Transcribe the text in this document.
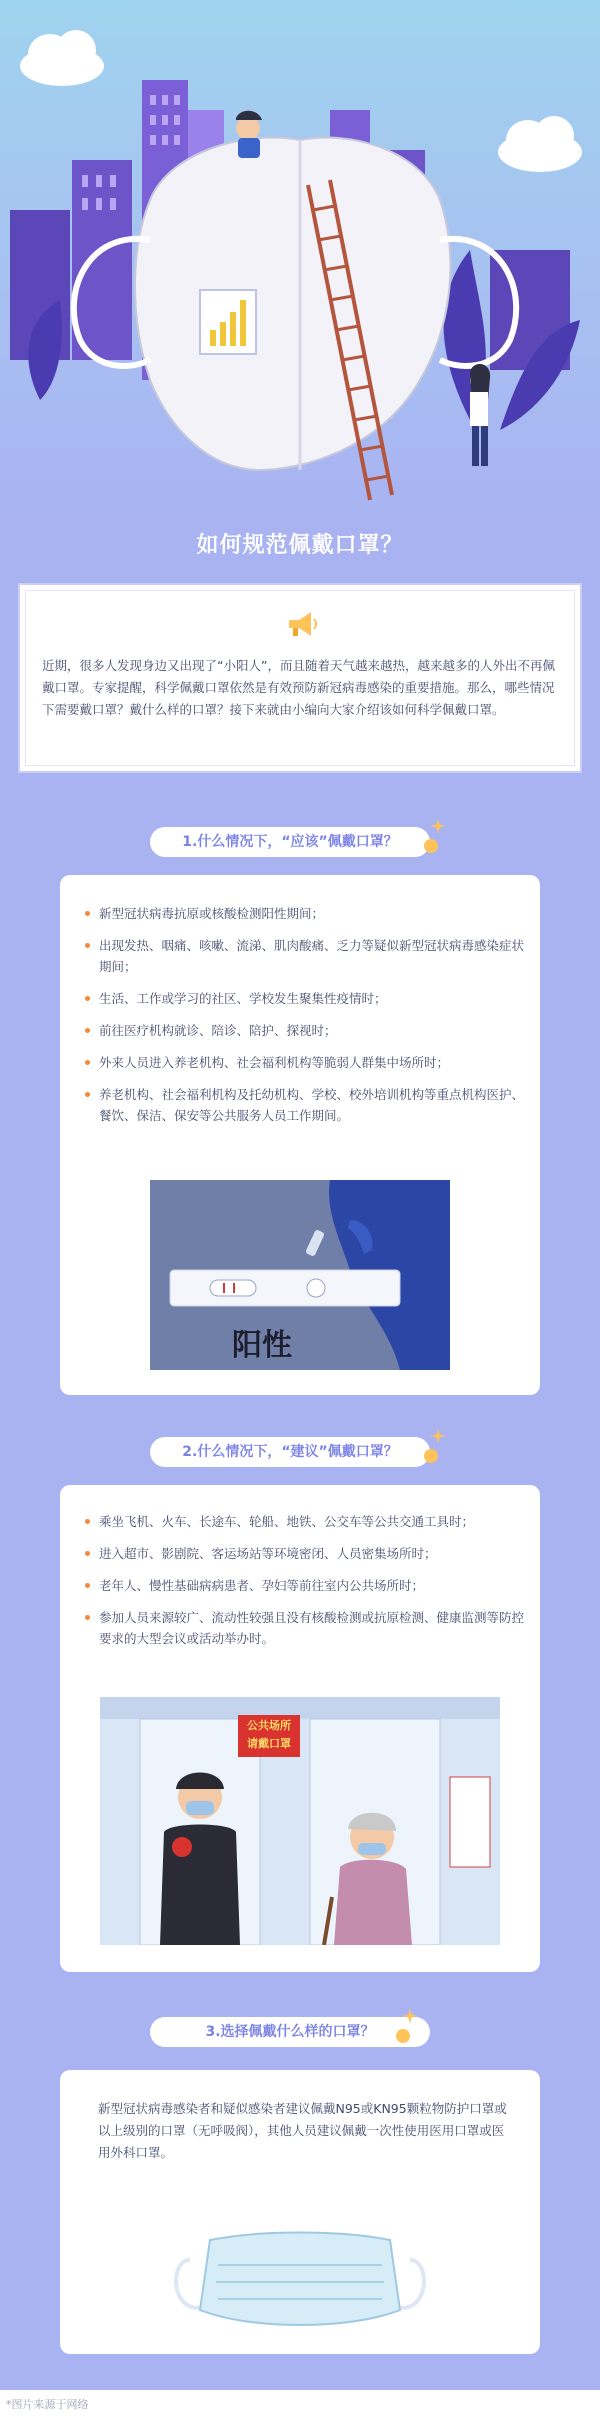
如何规范佩戴口罩？

近期，很多人发现身边又出现了“小阳人”，而且随着天气越来越热，越来越多的人外出不再佩戴口罩。专家提醒，科学佩戴口罩依然是有效预防新冠病毒感染的重要措施。那么，哪些情况下需要戴口罩？戴什么样的口罩？接下来就由小编向大家介绍该如何科学佩戴口罩。

1.什么情况下，“应该”佩戴口罩？
新型冠状病毒抗原或核酸检测阳性期间；
出现发热、咽痛、咳嗽、流涕、肌肉酸痛、乏力等疑似新型冠状病毒感染症状期间；
生活、工作或学习的社区、学校发生聚集性疫情时；
前往医疗机构就诊、陪诊、陪护、探视时；
外来人员进入养老机构、社会福利机构等脆弱人群集中场所时；
养老机构、社会福利机构及托幼机构、学校、校外培训机构等重点机构医护、餐饮、保洁、保安等公共服务人员工作期间。
阳性
2.什么情况下，“建议”佩戴口罩？
乘坐飞机、火车、长途车、轮船、地铁、公交车等公共交通工具时；
进入超市、影剧院、客运场站等环境密闭、人员密集场所时；
老年人、慢性基础病病患者、孕妇等前往室内公共场所时；
参加人员来源较广、流动性较强且没有核酸检测或抗原检测、健康监测等防控要求的大型会议或活动举办时。
公共场所
请戴口罩
3.选择佩戴什么样的口罩？

新型冠状病毒感染者和疑似感染者建议佩戴N95或KN95颗粒物防护口罩或以上级别的口罩（无呼吸阀），其他人员建议佩戴一次性使用医用口罩或医用外科口罩。

*图片来源于网络
